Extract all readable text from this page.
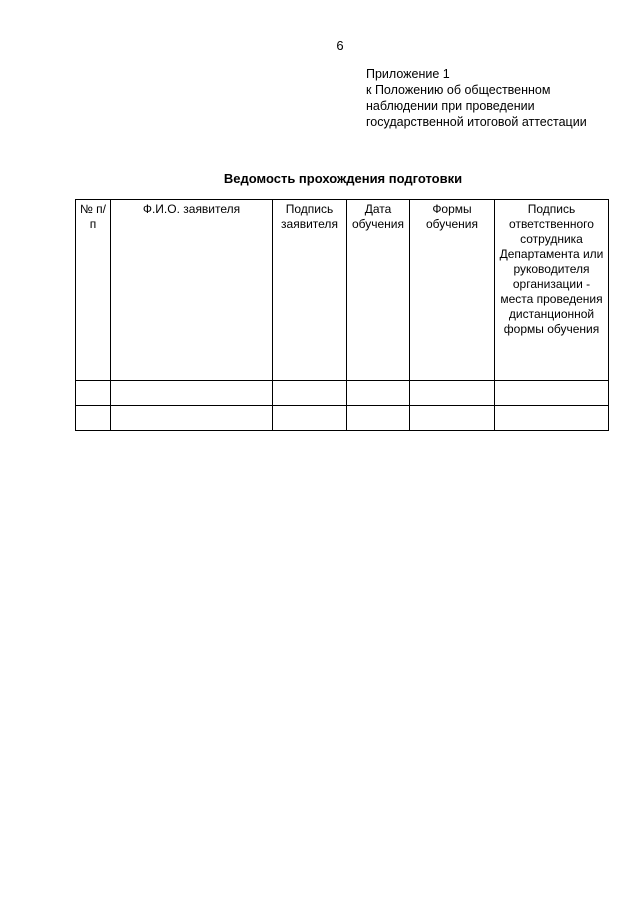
6
Приложение 1
к Положению об общественном
наблюдении при проведении
государственной итоговой аттестации
Ведомость прохождения подготовки
№ п/п	Ф.И.О. заявителя	Подпись заявителя	Дата обучения	Формы обучения	Подпись ответственного сотрудника Департамента или руководителя организации - места проведения дистанционной формы обучения
